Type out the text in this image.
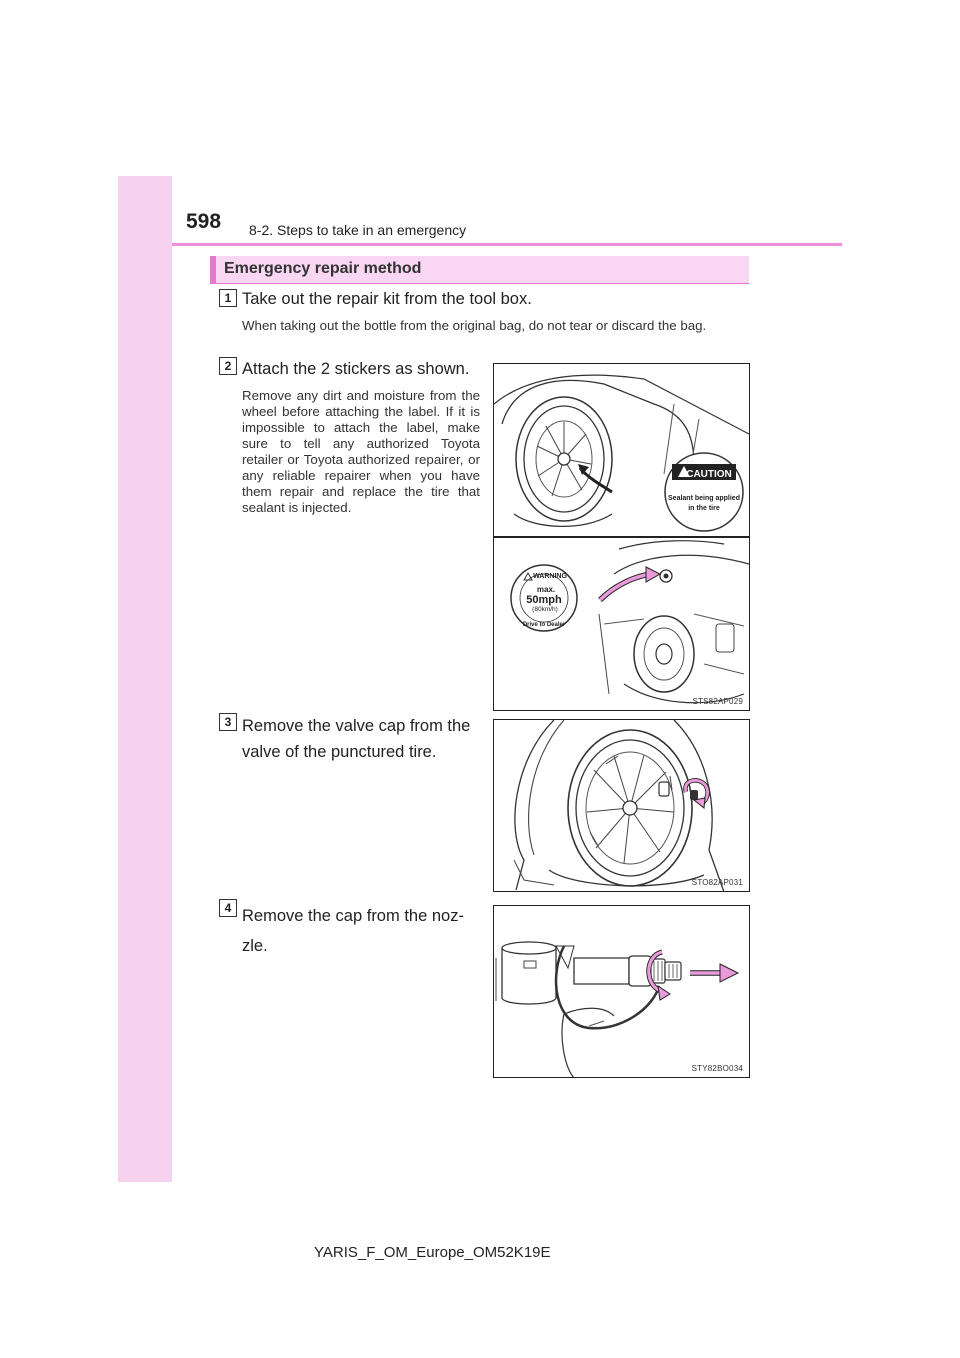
598 8-2. Steps to take in an emergency
Emergency repair method
1 Take out the repair kit from the tool box.
When taking out the bottle from the original bag, do not tear or discard the bag.
2 Attach the 2 stickers as shown.
Remove any dirt and moisture from the wheel before attaching the label. If it is impossible to attach the label, make sure to tell any authorized Toyota retailer or Toyota authorized repairer, or any reliable repairer when you have them repair and replace the tire that sealant is injected.
CAUTION
Sealant being applied
in the tire
WARNING
max.
50mph
(80km/h)
Drive to Dealer
STS82AP029
3 Remove the valve cap from the valve of the punctured tire.
STO82AP031
4 Remove the cap from the noz-zle.
STY82BO034
YARIS_F_OM_Europe_OM52K19E
